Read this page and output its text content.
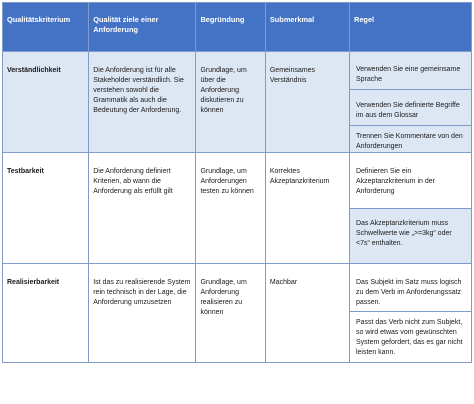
Qualitätskriterium	Qualität ziele einer Anforderung	Begründung	Submerkmal	Regel
Verständlichkeit	Die Anforderung ist für alle Stakeholder verständlich. Sie verstehen sowohl die Grammatik als auch die Bedeutung der Anforderung.	Grundlage, um über die Anforderung diskutieren zu können	Gemeinsames Verständnis	Verwenden Sie eine gemeinsame Sprache
Verwenden Sie definierte Begriffe im aus dem Glossar
Trennen Sie Kommentare von den Anforderungen

Testbarkeit	Die Anforderung definiert Kriterien, ab wann die Anforderung als erfüllt gilt	Grundlage, um Anforderungen testen zu können	Korrektes Akzeptanzkriterium	Definieren Sie ein Akzeptanzkriterium in der Anforderung
Das Akzeptanzkriterium muss Schwellwerte wie „>=3kg“ oder <7s“ enthalten.

Realisierbarkeit	Ist das zu realisierende System rein technisch in der Lage, die Anforderung umzusetzen	Grundlage, um Anforderung realisieren zu können	Machbar	Das Subjekt im Satz muss logisch zu dem Verb im Anforderungssatz passen.
Passt das Verb nicht zum Subjekt, so wird etwas vom gewünschten System gefordert, das es gar nicht leisten kann.
